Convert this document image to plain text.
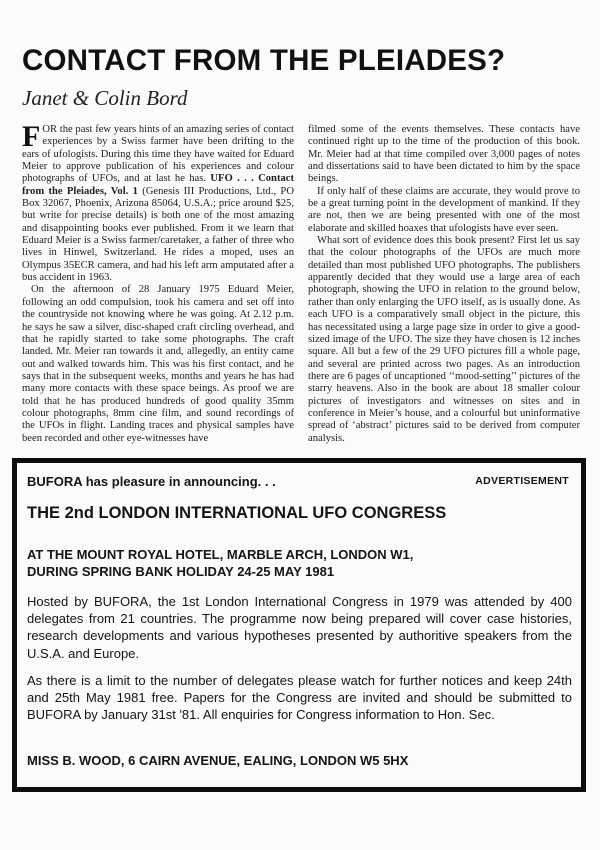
CONTACT FROM THE PLEIADES?
Janet & Colin Bord

FOR the past few years hints of an amazing series of contact experiences by a Swiss farmer have been drifting to the ears of ufologists. During this time they have waited for Eduard Meier to approve publication of his experiences and colour photographs of UFOs, and at last he has. UFO . . . Contact from the Pleiades, Vol. 1 (Genesis III Productions, Ltd., PO Box 32067, Phoenix, Arizona 85064, U.S.A.; price around $25, but write for precise details) is both one of the most amazing and disappointing books ever published. From it we learn that Eduard Meier is a Swiss farmer/caretaker, a father of three who lives in Hinwel, Switzerland. He rides a moped, uses an Olympus 35ECR camera, and had his left arm amputated after a bus accident in 1963.

On the afternoon of 28 January 1975 Eduard Meier, following an odd compulsion, took his camera and set off into the countryside not knowing where he was going. At 2.12 p.m. he says he saw a silver, disc-shaped craft circling overhead, and that he rapidly started to take some photographs. The craft landed. Mr. Meier ran towards it and, allegedly, an entity came out and walked towards him. This was his first contact, and he says that in the subsequent weeks, months and years he has had many more contacts with these space beings. As proof we are told that he has produced hundreds of good quality 35mm colour photographs, 8mm cine film, and sound recordings of the UFOs in flight. Landing traces and physical samples have been recorded and other eye-witnesses have

filmed some of the events themselves. These contacts have continued right up to the time of the production of this book. Mr. Meier had at that time compiled over 3,000 pages of notes and dissertations said to have been dictated to him by the space beings.

If only half of these claims are accurate, they would prove to be a great turning point in the development of mankind. If they are not, then we are being presented with one of the most elaborate and skilled hoaxes that ufologists have ever seen.

What sort of evidence does this book present? First let us say that the colour photographs of the UFOs are much more detailed than most published UFO photographs. The publishers apparently decided that they would use a large area of each photograph, showing the UFO in relation to the ground below, rather than only enlarging the UFO itself, as is usually done. As each UFO is a comparatively small object in the picture, this has necessitated using a large page size in order to give a good-sized image of the UFO. The size they have chosen is 12 inches square. All but a few of the 29 UFO pictures fill a whole page, and several are printed across two pages. As an introduction there are 6 pages of uncaptioned ‘‘mood-setting’’ pictures of the starry heavens. Also in the book are about 18 smaller colour pictures of investigators and witnesses on sites and in conference in Meier’s house, and a colourful but uninformative spread of ‘abstract’ pictures said to be derived from computer analysis.

BUFORA has pleasure in announcing. . .	ADVERTISEMENT
THE 2nd LONDON INTERNATIONAL UFO CONGRESS
AT THE MOUNT ROYAL HOTEL, MARBLE ARCH, LONDON W1,
DURING SPRING BANK HOLIDAY 24-25 MAY 1981

Hosted by BUFORA, the 1st London International Congress in 1979 was attended by 400 delegates from 21 countries. The programme now being prepared will cover case histories, research developments and various hypotheses presented by authoritive speakers from the U.S.A. and Europe.

As there is a limit to the number of delegates please watch for further notices and keep 24th and 25th May 1981 free. Papers for the Congress are invited and should be submitted to BUFORA by January 31st '81. All enquiries for Congress information to Hon. Sec.

MISS B. WOOD, 6 CAIRN AVENUE, EALING, LONDON W5 5HX
